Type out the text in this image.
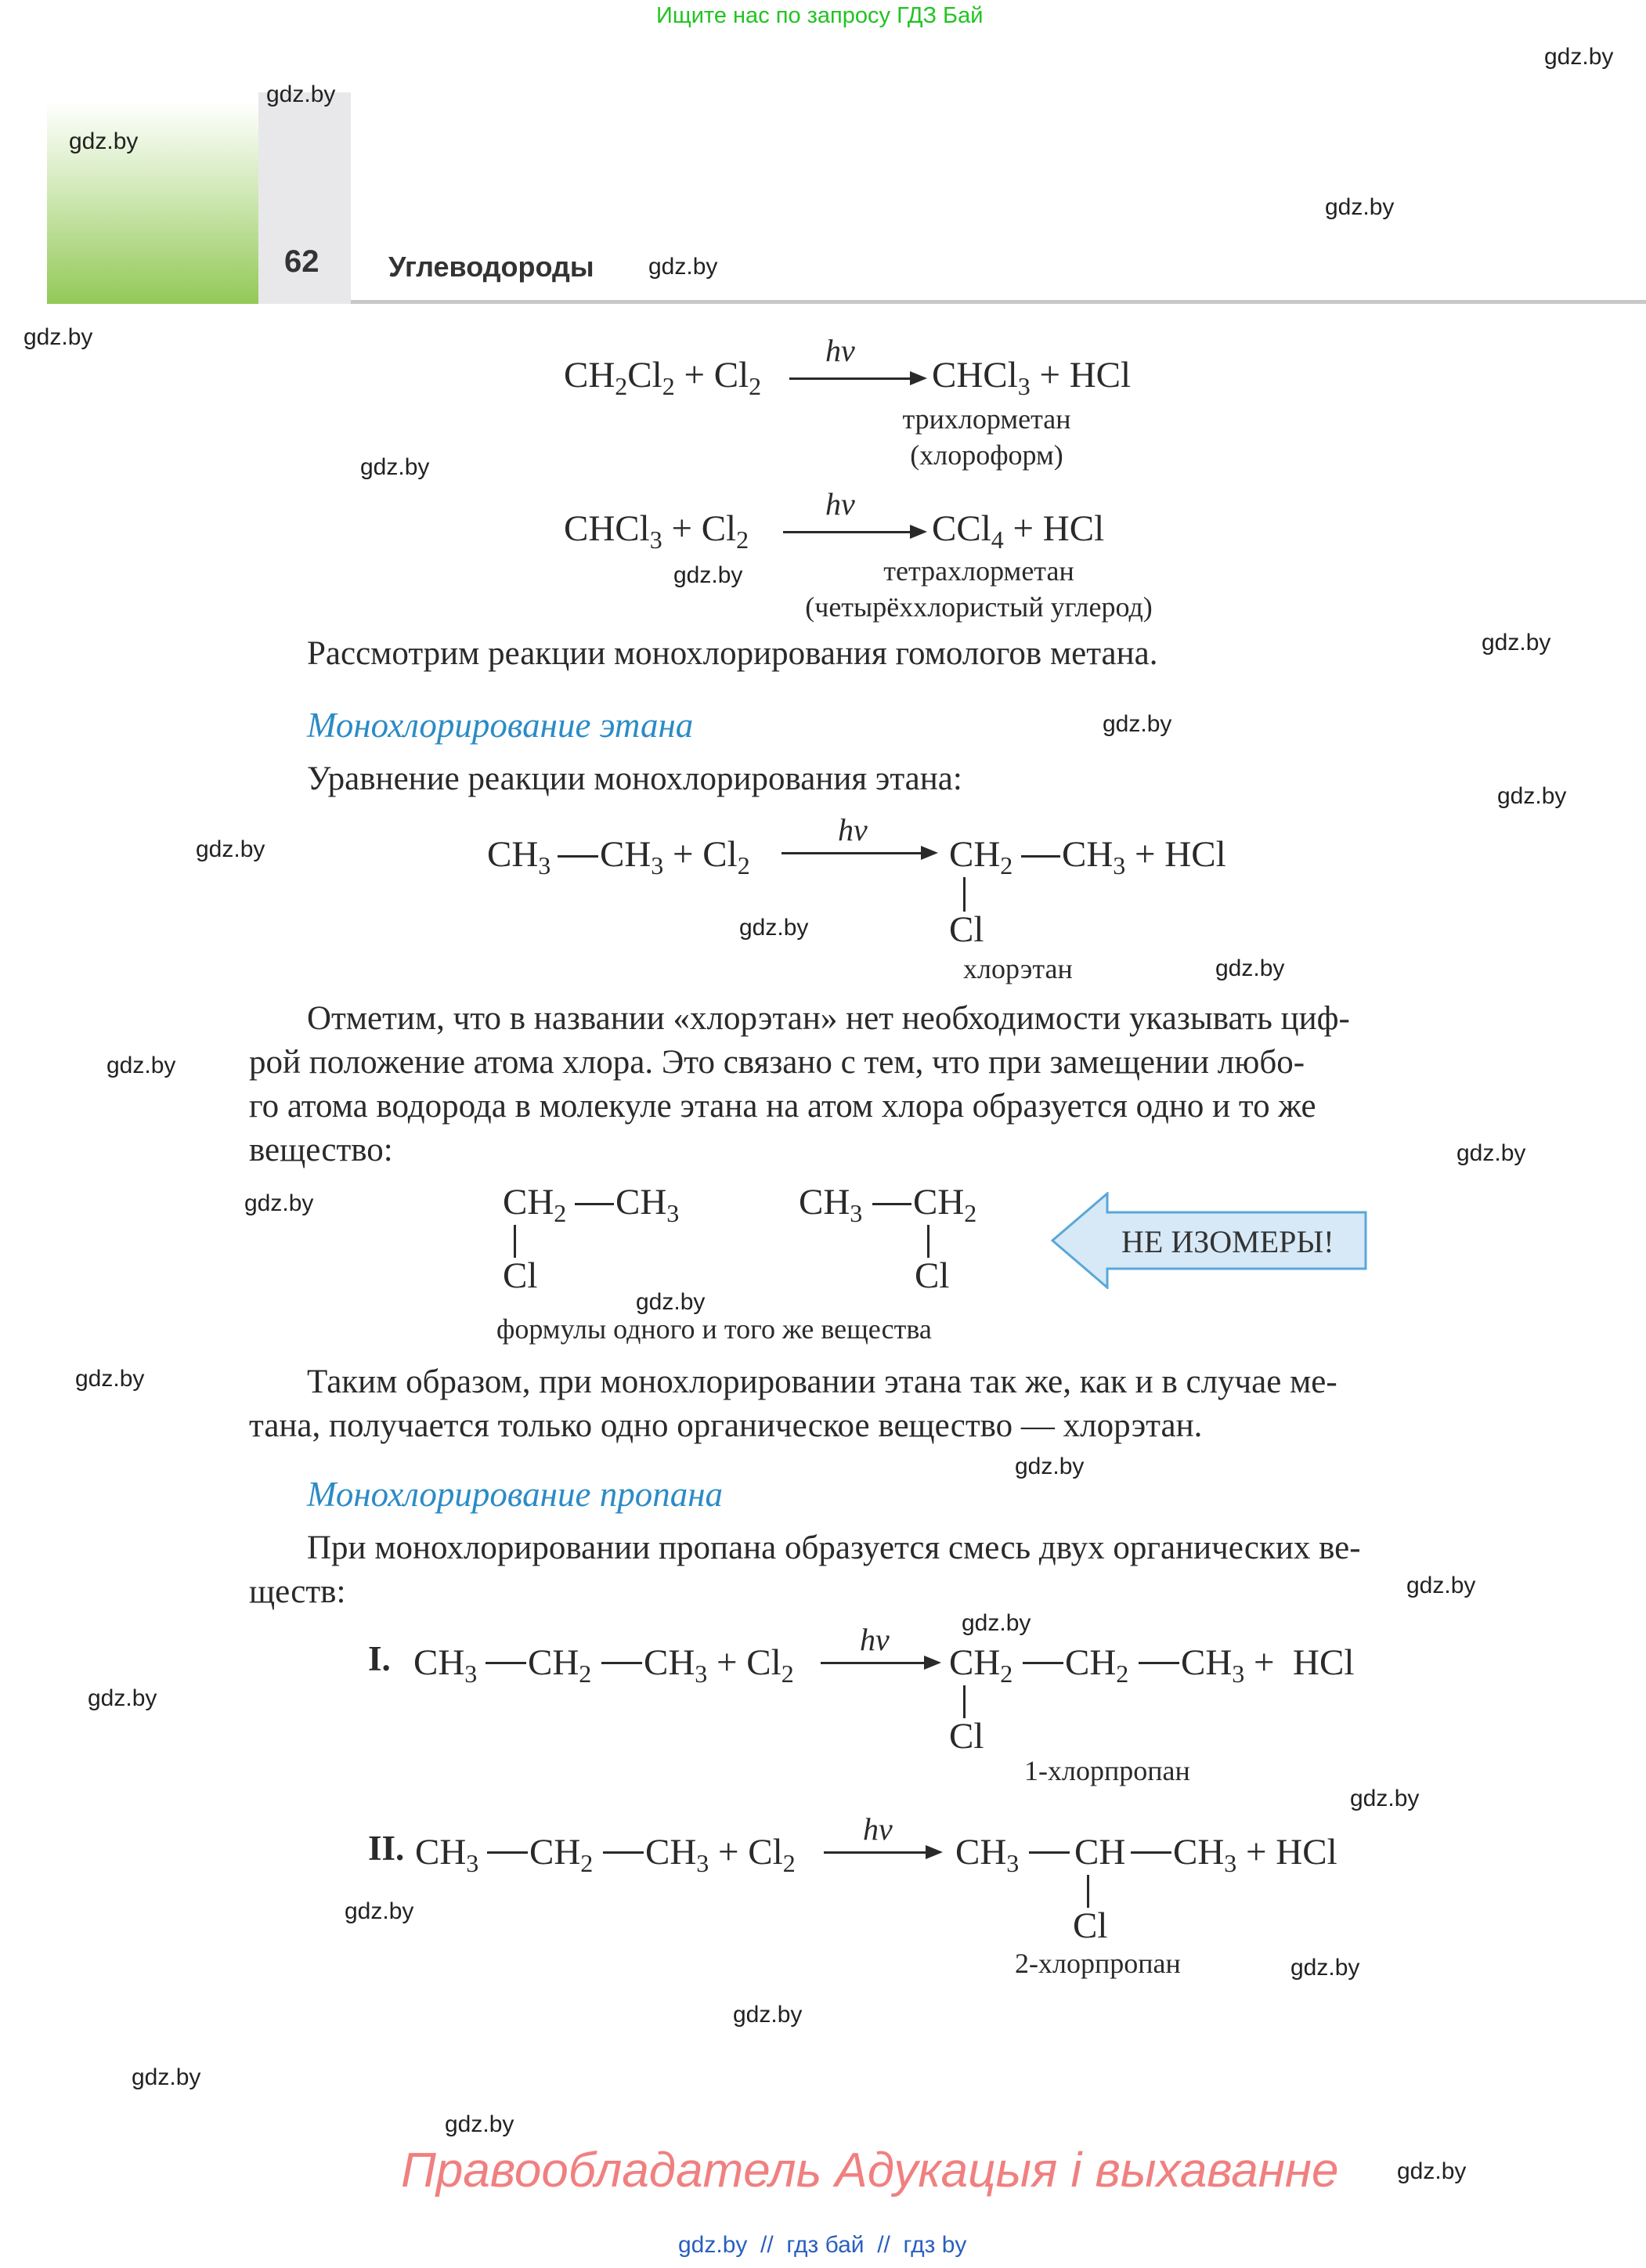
Ищите нас по запросу ГДЗ Бай
62 Углеводороды
gdz.by
gdz.by
gdz.by
gdz.by
gdz.by
gdz.by
gdz.by
gdz.by
gdz.by
gdz.by
gdz.by
gdz.by
gdz.by
gdz.by
gdz.by
gdz.by
gdz.by
gdz.by
gdz.by
gdz.by
gdz.by
gdz.by
gdz.by
gdz.by
gdz.by
gdz.by
gdz.by
gdz.by
gdz.by
gdz.by
$CH_2Cl_2 + Cl_2$
hν
CHCl$_3$ + HCl
трихлорметан
(хлороформ)
CHCl$_3$ + $Cl_2$
hν
CCl$_4$ + HCl
тетрахлорметан
(четырёххлористый углерод)
Рассмотрим реакции монохлорирования гомологов метана.
Монохлорирование этана
Уравнение реакции монохлорирования этана:
$CH_3$ $CH_3 + Cl_2$
hν
$CH_2$ $CH_3$ + HCl
Cl
хлорэтан
Отметим, что в названии «хлорэтан» нет необходимости указывать циф-
рой положение атома хлора. Это связано с тем, что при замещении любо-
го атома водорода в молекуле этана на атом хлора образуется одно и то же
вещество:
$CH_2$ $CH_3$
Cl
$CH_3$ $CH_2$
Cl
формулы одного и того же вещества
НЕ ИЗОМЕРЫ!
Таким образом, при монохлорировании этана так же, как и в случае ме-
тана, получается только одно органическое вещество — хлорэтан.
Монохлорирование пропана
При монохлорировании пропана образуется смесь двух органических ве-
ществ:
I. $CH_3$ $CH_2$ $CH_3 + Cl_2$
hν
$CH_2$ $CH_2$ $CH_3$ +  HCl
Cl
1-хлорпропан
II. $CH_3$ $CH_2$ $CH_3 + Cl_2$
hν
$CH_3$ CH $CH_3$ + HCl
Cl
2-хлорпропан
Правообладатель Адукацыя і выхаванне
gdz.by  //  гдз бай  //  гдз by
